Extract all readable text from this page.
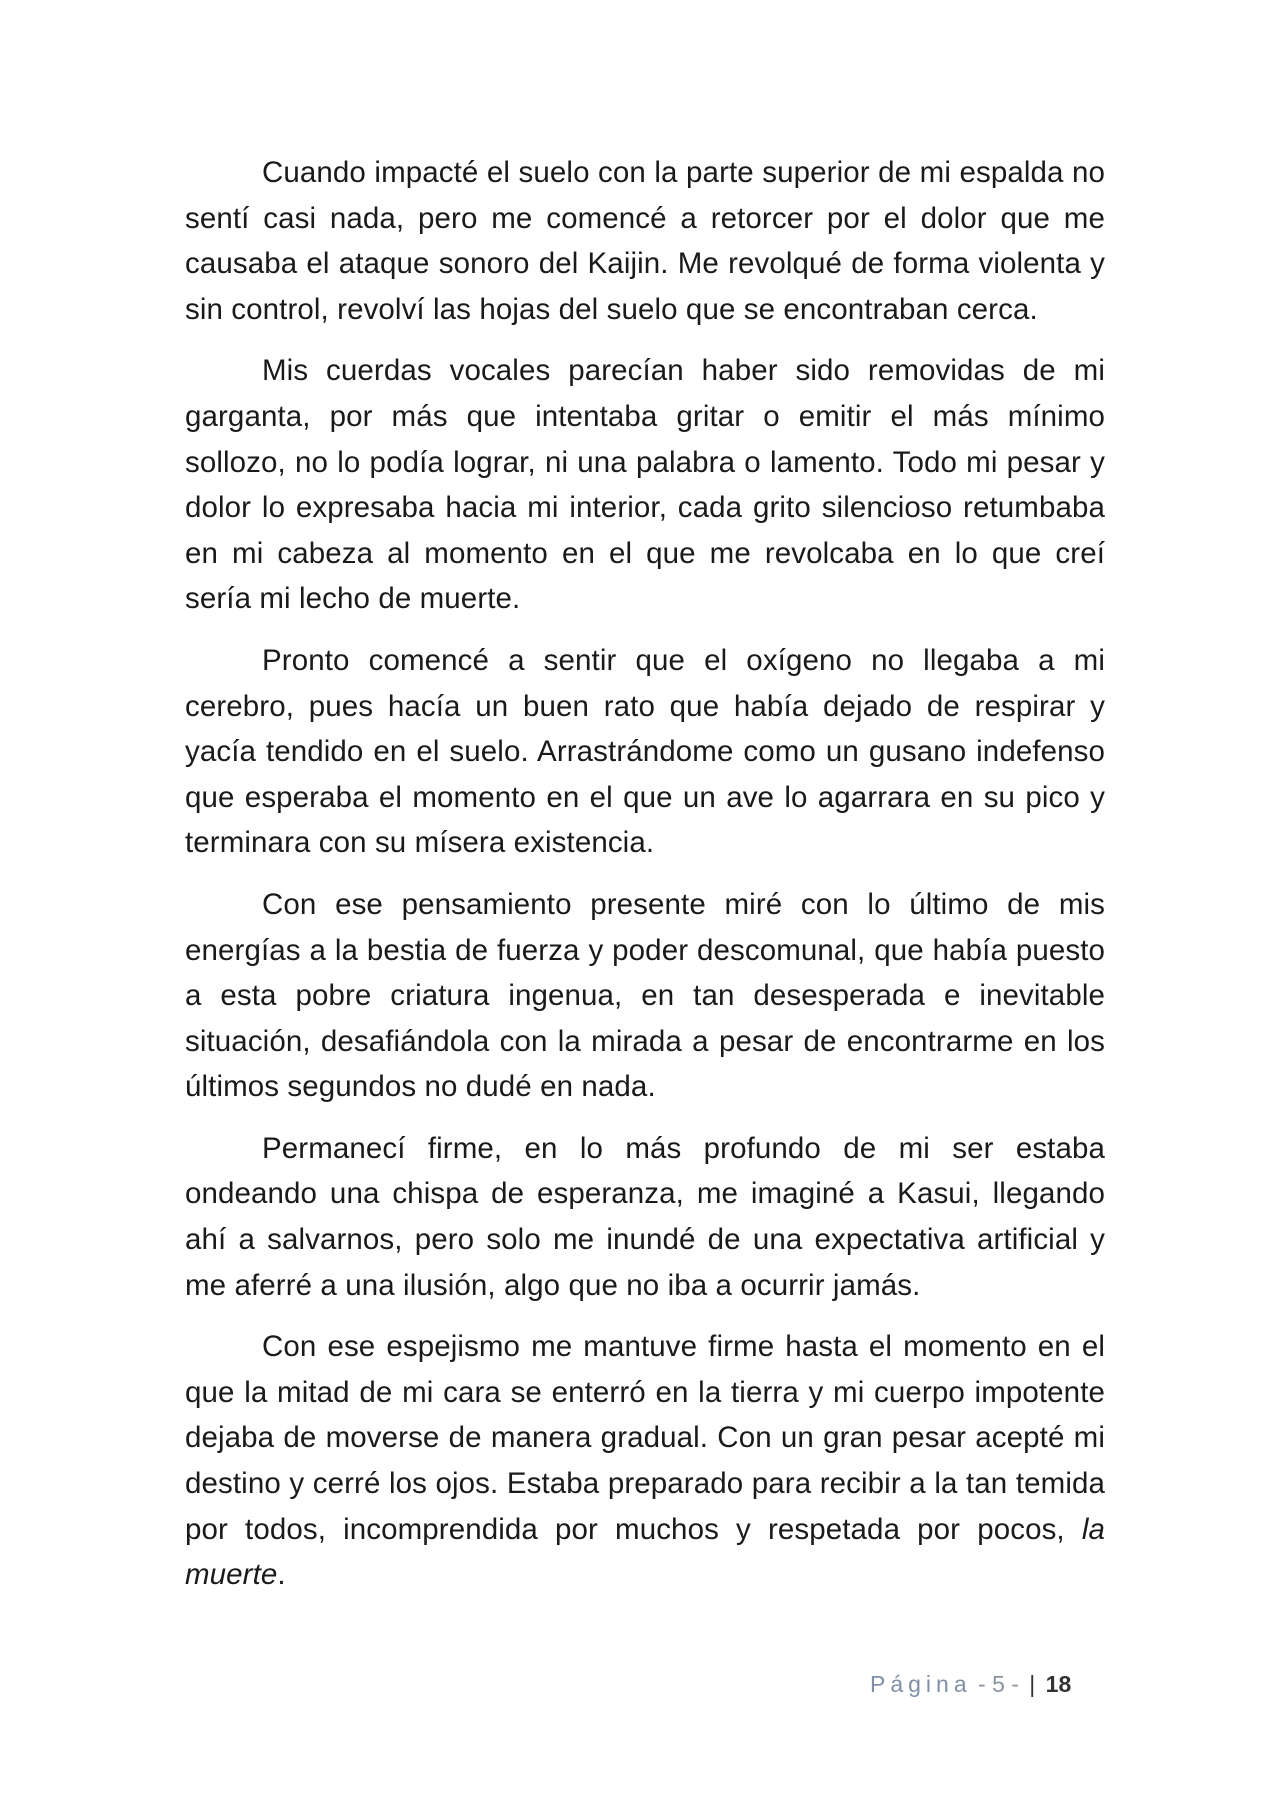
Cuando impacté el suelo con la parte superior de mi espalda no sentí casi nada, pero me comencé a retorcer por el dolor que me causaba el ataque sonoro del Kaijin. Me revolqué de forma violenta y sin control, revolví las hojas del suelo que se encontraban cerca.

Mis cuerdas vocales parecían haber sido removidas de mi garganta, por más que intentaba gritar o emitir el más mínimo sollozo, no lo podía lograr, ni una palabra o lamento. Todo mi pesar y dolor lo expresaba hacia mi interior, cada grito silencioso retumbaba en mi cabeza al momento en el que me revolcaba en lo que creí sería mi lecho de muerte.

Pronto comencé a sentir que el oxígeno no llegaba a mi cerebro, pues hacía un buen rato que había dejado de respirar y yacía tendido en el suelo. Arrastrándome como un gusano indefenso que esperaba el momento en el que un ave lo agarrara en su pico y terminara con su mísera existencia.

Con ese pensamiento presente miré con lo último de mis energías a la bestia de fuerza y poder descomunal, que había puesto a esta pobre criatura ingenua, en tan desesperada e inevitable situación, desafiándola con la mirada a pesar de encontrarme en los últimos segundos no dudé en nada.

Permanecí firme, en lo más profundo de mi ser estaba ondeando una chispa de esperanza, me imaginé a Kasui, llegando ahí a salvarnos, pero solo me inundé de una expectativa artificial y me aferré a una ilusión, algo que no iba a ocurrir jamás.

Con ese espejismo me mantuve firme hasta el momento en el que la mitad de mi cara se enterró en la tierra y mi cuerpo impotente dejaba de moverse de manera gradual. Con un gran pesar acepté mi destino y cerré los ojos. Estaba preparado para recibir a la tan temida por todos, incomprendida por muchos y respetada por pocos, la muerte.

Página - 5 - | 18
